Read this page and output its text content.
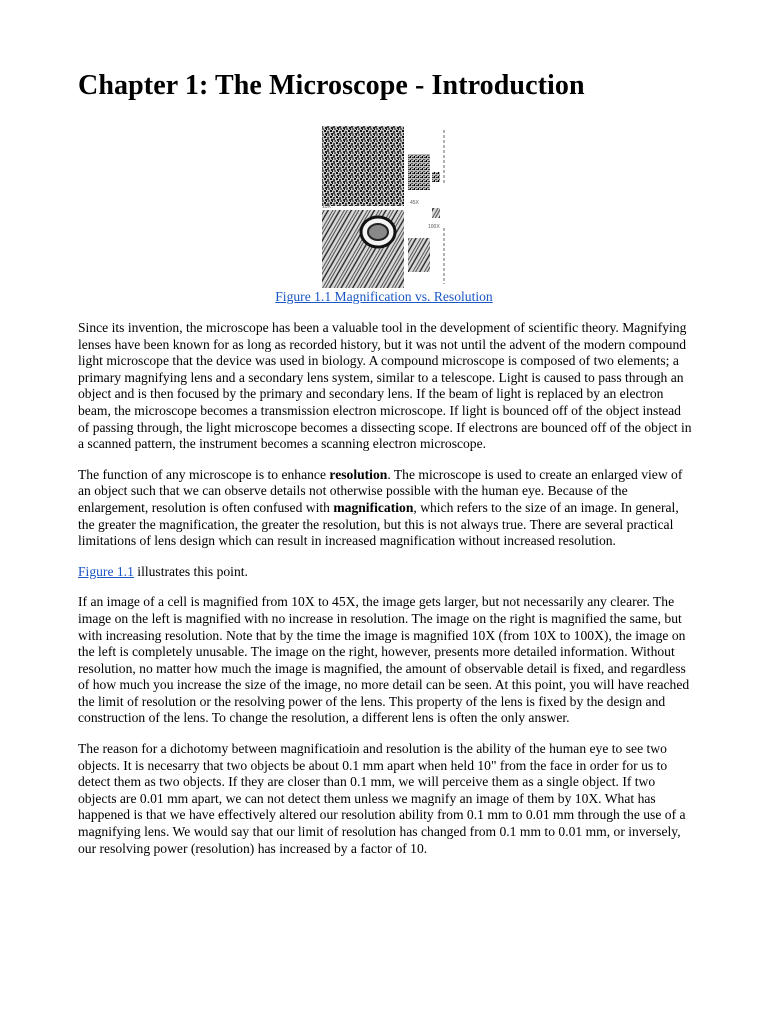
Chapter 1: The Microscope - Introduction
45X
10X
100X
Figure 1.1 Magnification vs. Resolution

Since its invention, the microscope has been a valuable tool in the development of scientific theory. Magnifying lenses have been known for as long as recorded history, but it was not until the advent of the modern compound light microscope that the device was used in biology. A compound microscope is composed of two elements; a primary magnifying lens and a secondary lens system, similar to a telescope. Light is caused to pass through an object and is then focused by the primary and secondary lens. If the beam of light is replaced by an electron beam, the microscope becomes a transmission electron microscope. If light is bounced off of the object instead of passing through, the light microscope becomes a dissecting scope. If electrons are bounced off of the object in a scanned pattern, the instrument becomes a scanning electron microscope.

The function of any microscope is to enhance resolution. The microscope is used to create an enlarged view of an object such that we can observe details not otherwise possible with the human eye. Because of the enlargement, resolution is often confused with magnification, which refers to the size of an image. In general, the greater the magnification, the greater the resolution, but this is not always true. There are several practical limitations of lens design which can result in increased magnification without increased resolution.

Figure 1.1 illustrates this point.

If an image of a cell is magnified from 10X to 45X, the image gets larger, but not necessarily any clearer. The image on the left is magnified with no increase in resolution. The image on the right is magnified the same, but with increasing resolution. Note that by the time the image is magnified 10X (from 10X to 100X), the image on the left is completely unusable. The image on the right, however, presents more detailed information. Without resolution, no matter how much the image is magnified, the amount of observable detail is fixed, and regardless of how much you increase the size of the image, no more detail can be seen. At this point, you will have reached the limit of resolution or the resolving power of the lens. This property of the lens is fixed by the design and construction of the lens. To change the resolution, a different lens is often the only answer.

The reason for a dichotomy between magnificatioin and resolution is the ability of the human eye to see two objects. It is necesarry that two objects be about 0.1 mm apart when held 10" from the face in order for us to detect them as two objects. If they are closer than 0.1 mm, we will perceive them as a single object. If two objects are 0.01 mm apart, we can not detect them unless we magnify an image of them by 10X. What has happened is that we have effectively altered our resolution ability from 0.1 mm to 0.01 mm through the use of a magnifying lens. We would say that our limit of resolution has changed from 0.1 mm to 0.01 mm, or inversely, our resolving power (resolution) has increased by a factor of 10.
